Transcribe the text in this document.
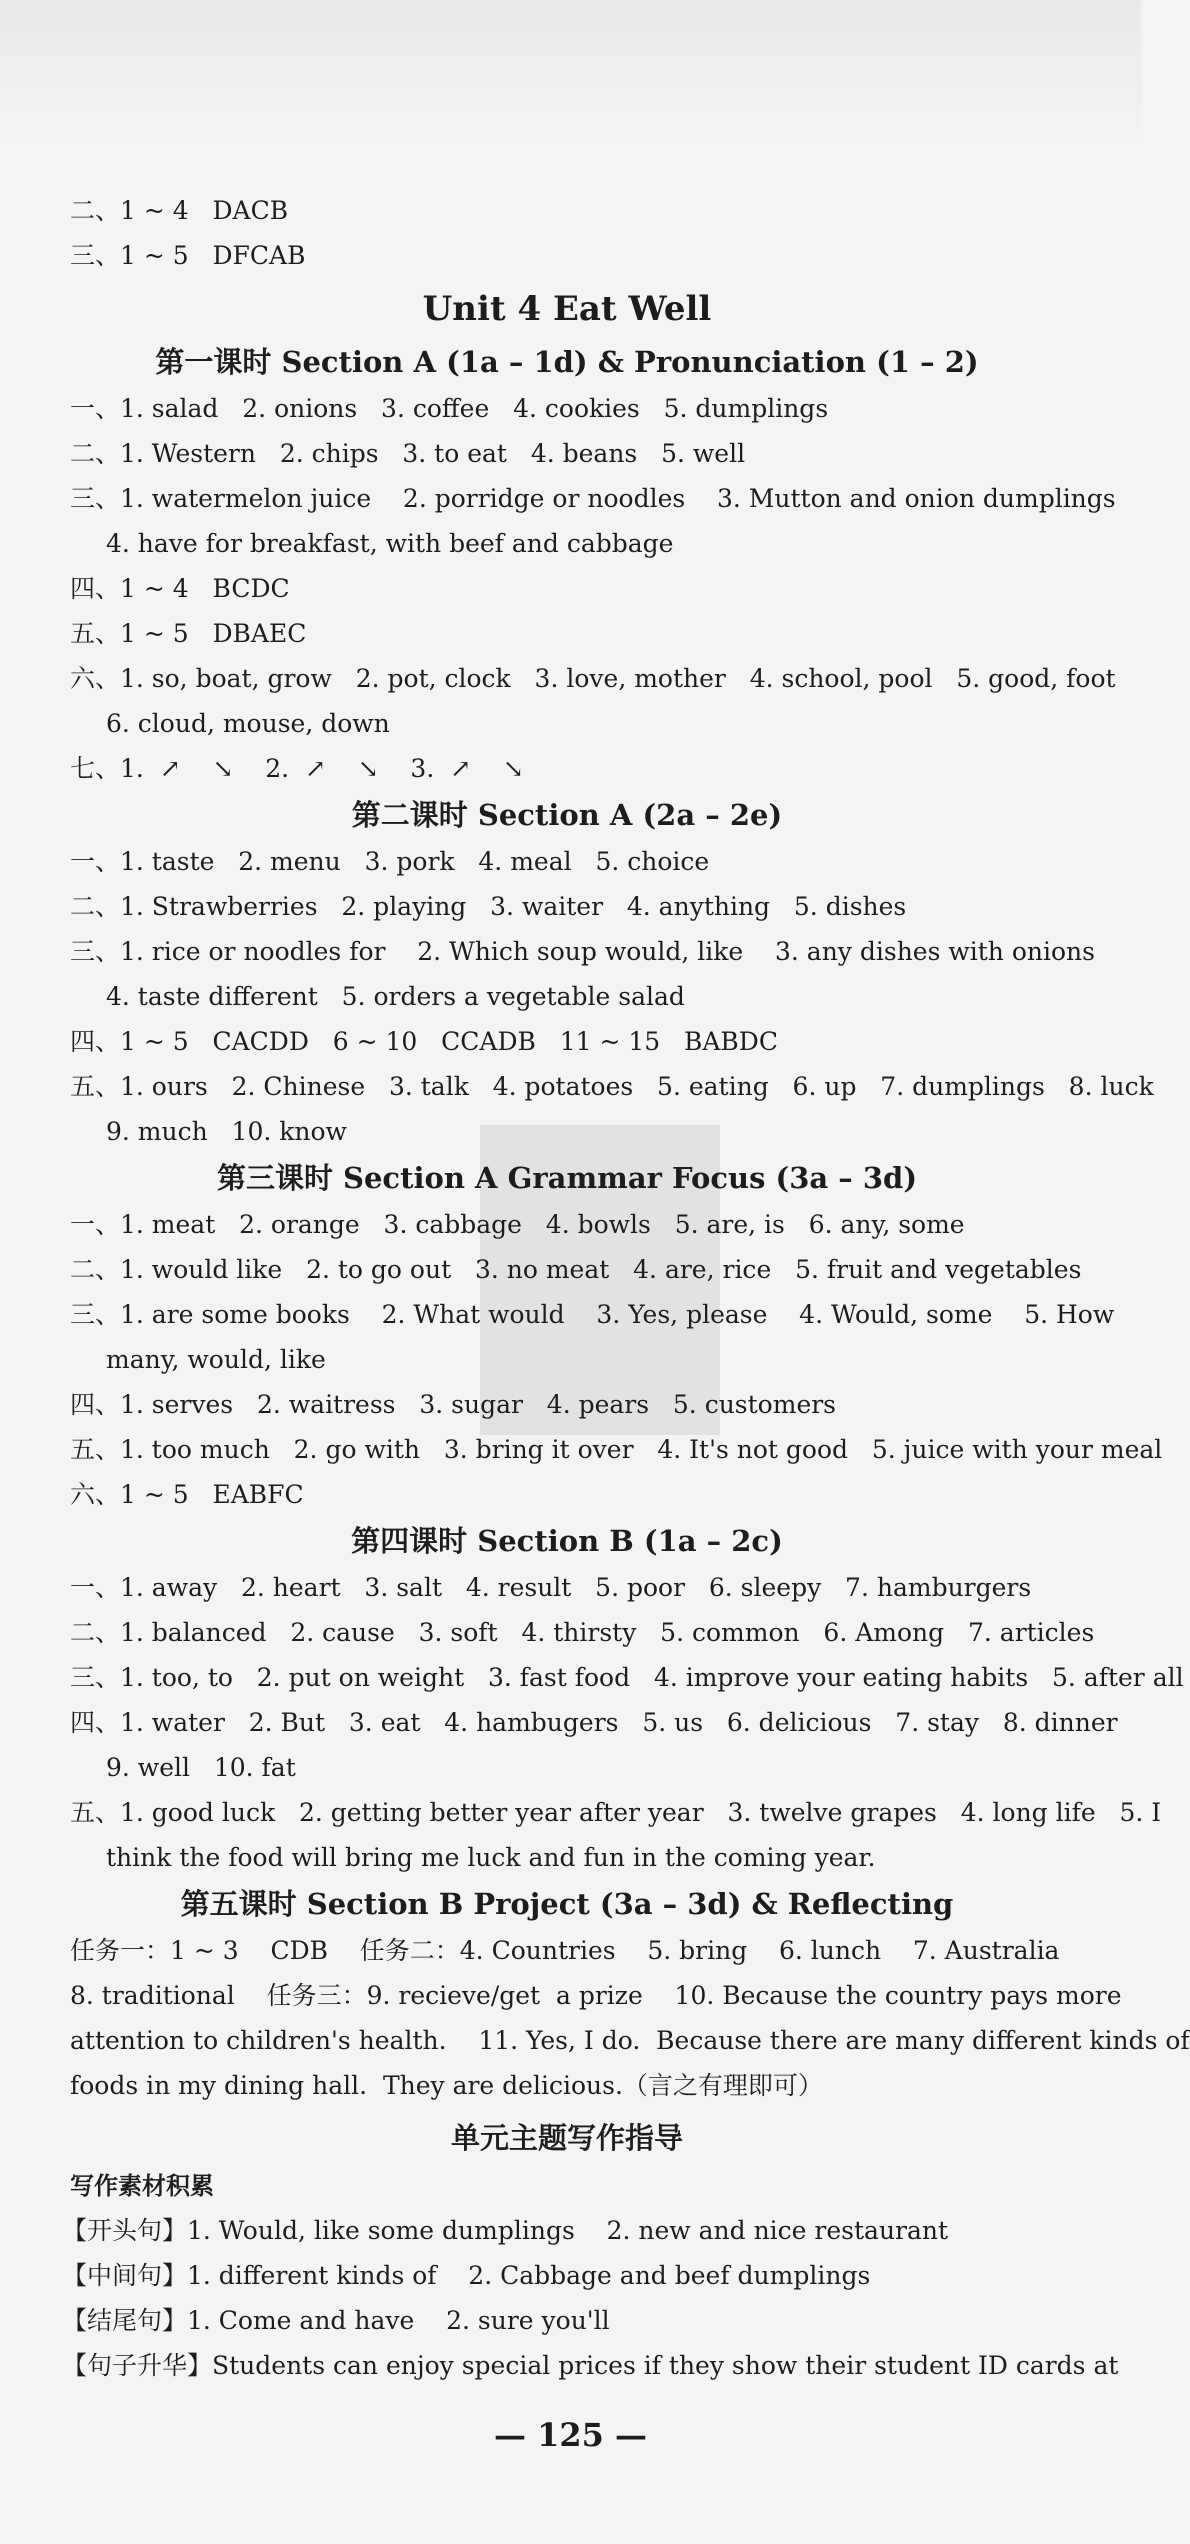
二、1 ~ 4   DACB
三、1 ~ 5   DFCAB
Unit 4 Eat Well
第一课时 Section A (1a – 1d) & Pronunciation (1 – 2)
一、1. salad   2. onions   3. coffee   4. cookies   5. dumplings
二、1. Western   2. chips   3. to eat   4. beans   5. well
三、1. watermelon juice    2. porridge or noodles    3. Mutton and onion dumplings
4. have for breakfast, with beef and cabbage
四、1 ~ 4   BCDC
五、1 ~ 5   DBAEC
六、1. so, boat, grow   2. pot, clock   3. love, mother   4. school, pool   5. good, foot
6. cloud, mouse, down
七、1.  ↗    ↘    2.  ↗    ↘    3.  ↗    ↘
第二课时 Section A (2a – 2e)
一、1. taste   2. menu   3. pork   4. meal   5. choice
二、1. Strawberries   2. playing   3. waiter   4. anything   5. dishes
三、1. rice or noodles for    2. Which soup would, like    3. any dishes with onions
4. taste different   5. orders a vegetable salad
四、1 ~ 5   CACDD   6 ~ 10   CCADB   11 ~ 15   BABDC
五、1. ours   2. Chinese   3. talk   4. potatoes   5. eating   6. up   7. dumplings   8. luck
9. much   10. know
第三课时 Section A Grammar Focus (3a – 3d)
一、1. meat   2. orange   3. cabbage   4. bowls   5. are, is   6. any, some
二、1. would like   2. to go out   3. no meat   4. are, rice   5. fruit and vegetables
三、1. are some books    2. What would    3. Yes, please    4. Would, some    5. How
many, would, like
四、1. serves   2. waitress   3. sugar   4. pears   5. customers
五、1. too much   2. go with   3. bring it over   4. It's not good   5. juice with your meal
六、1 ~ 5   EABFC
第四课时 Section B (1a – 2c)
一、1. away   2. heart   3. salt   4. result   5. poor   6. sleepy   7. hamburgers
二、1. balanced   2. cause   3. soft   4. thirsty   5. common   6. Among   7. articles
三、1. too, to   2. put on weight   3. fast food   4. improve your eating habits   5. after all
四、1. water   2. But   3. eat   4. hambugers   5. us   6. delicious   7. stay   8. dinner
9. well   10. fat
五、1. good luck   2. getting better year after year   3. twelve grapes   4. long life   5. I
think the food will bring me luck and fun in the coming year.
第五课时 Section B Project (3a – 3d) & Reflecting
任务一：1 ~ 3    CDB    任务二：4. Countries    5. bring    6. lunch    7. Australia
8. traditional    任务三：9. recieve/get  a prize    10. Because the country pays more
attention to children's health.    11. Yes, I do.  Because there are many different kinds of
foods in my dining hall.  They are delicious.（言之有理即可）
单元主题写作指导
写作素材积累
【开头句】1. Would, like some dumplings    2. new and nice restaurant
【中间句】1. different kinds of    2. Cabbage and beef dumplings
【结尾句】1. Come and have    2. sure you'll
【句子升华】Students can enjoy special prices if they show their student ID cards at
— 125 —
